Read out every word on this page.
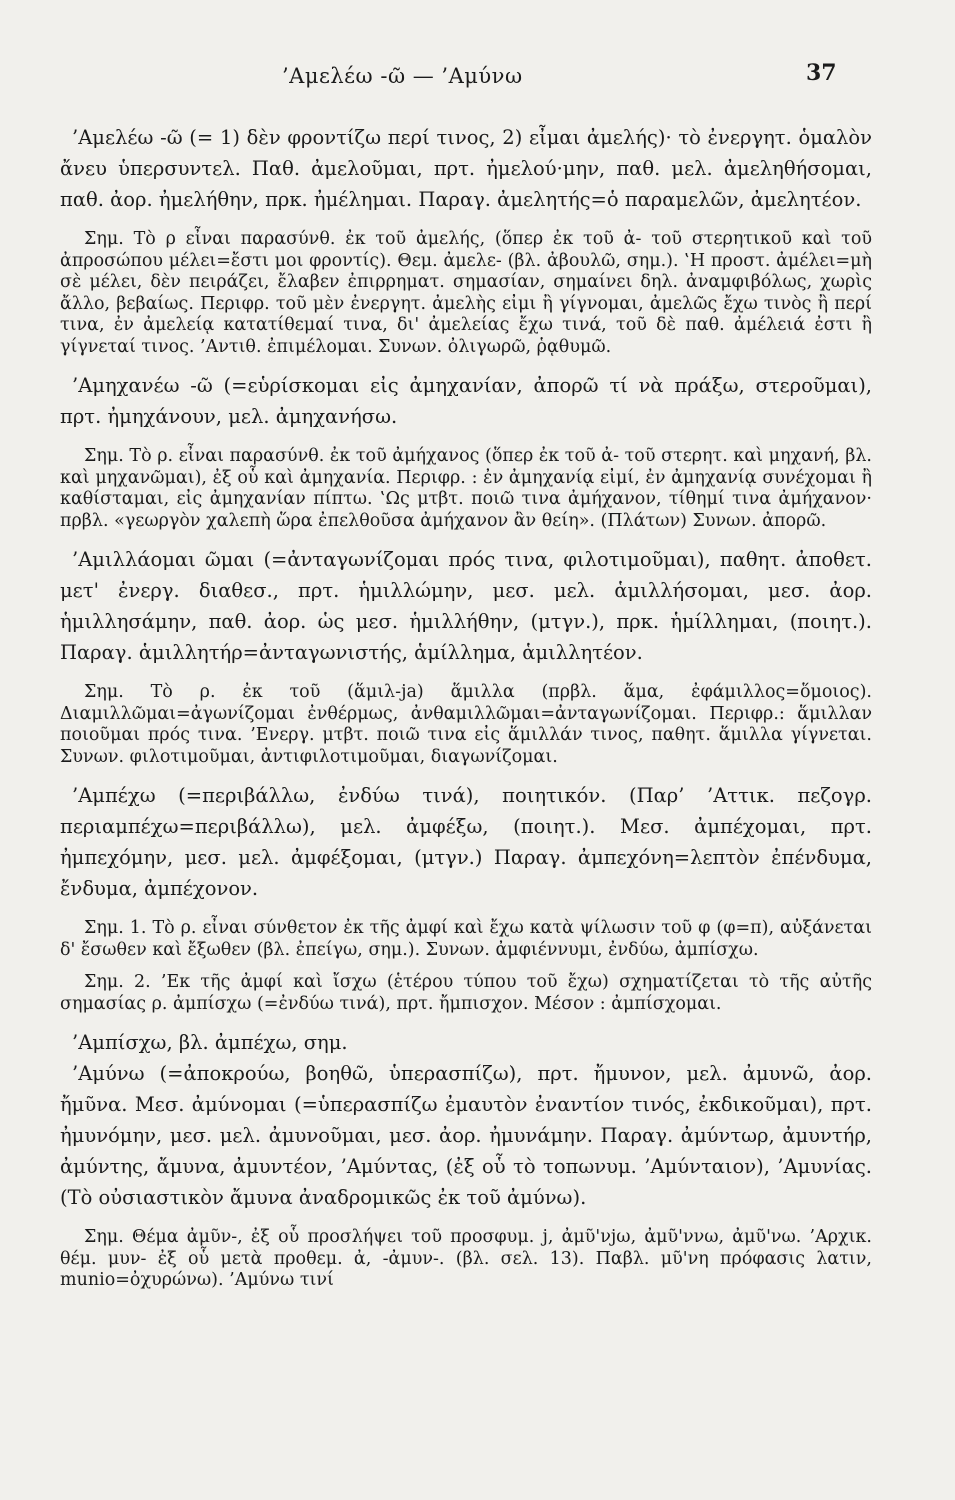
’Αμελέω -ῶ — ’Αμύνω	37

’Αμελέω -ῶ (= 1) δὲν φροντίζω περί τινος, 2) εἶμαι ἀμελής)· τὸ ἐνεργητ. ὁμαλὸν ἄνευ ὑπερσυντελ. Παθ. ἀμελοῦμαι, πρτ. ἠμελού·μην, παθ. μελ. ἀμεληθήσομαι, παθ. ἀορ. ἠμελήθην, πρκ. ἠμέλημαι. Παραγ. ἀμελητής=ὁ παραμελῶν, ἀμελητέον.

Σημ. Τὸ ρ εἶναι παρασύνθ. ἐκ τοῦ ἀμελής, (ὅπερ ἐκ τοῦ ἀ- τοῦ στερητικοῦ καὶ τοῦ ἀπροσώπου μέλει=ἔστι μοι φροντίς). Θεμ. ἀμελε- (βλ. ἀβουλῶ, σημ.). ‛Η προστ. ἀμέλει=μὴ σὲ μέλει, δὲν πειράζει, ἔλαβεν ἐπιρρηματ. σημασίαν, σημαίνει δηλ. ἀναμφιβόλως, χωρὶς ἄλλο, βεβαίως. Περιφρ. τοῦ μὲν ἐνεργητ. ἀμελὴς εἰμι ἢ γίγνομαι, ἀμελῶς ἔχω τινὸς ἢ περί τινα, ἐν ἀμελείᾳ κατατίθεμαί τινα, δι' ἀμελείας ἔχω τινά, τοῦ δὲ παθ. ἀμέλειά ἐστι ἢ γίγνεταί τινος. ’Αντιθ. ἐπιμέλομαι. Συνων. ὀλιγωρῶ, ῥᾳθυμῶ.

’Αμηχανέω -ῶ (=εὑρίσκομαι εἰς ἀμηχανίαν, ἀπορῶ τί νὰ πράξω, στεροῦμαι), πρτ. ἠμηχάνουν, μελ. ἀμηχανήσω.

Σημ. Τὸ ρ. εἶναι παρασύνθ. ἐκ τοῦ ἀμήχανος (ὅπερ ἐκ τοῦ ἀ- τοῦ στερητ. καὶ μηχανή, βλ. καὶ μηχανῶμαι), ἐξ οὗ καὶ ἀμηχανία. Περιφρ. : ἐν ἀμηχανίᾳ εἰμί, ἐν ἀμηχανίᾳ συνέχομαι ἢ καθίσταμαι, εἰς ἀμηχανίαν πίπτω. ‛Ως μτβτ. ποιῶ τινα ἀμήχανον, τίθημί τινα ἀμήχανον· πρβλ. «γεωργὸν χαλεπὴ ὥρα ἐπελθοῦσα ἀμήχανον ἂν θείη». (Πλάτων) Συνων. ἀπορῶ.

’Αμιλλάομαι ῶμαι (=ἀνταγωνίζομαι πρός τινα, φιλοτιμοῦμαι), παθητ. ἀποθετ. μετ' ἐνεργ. διαθεσ., πρτ. ἡμιλλώμην, μεσ. μελ. ἁμιλλήσομαι, μεσ. ἀορ. ἡμιλλησάμην, παθ. ἀορ. ὡς μεσ. ἡμιλλήθην, (μτγν.), πρκ. ἡμίλλημαι, (ποιητ.). Παραγ. ἁμιλλητήρ=ἀνταγωνιστής, ἁμίλλημα, ἁμιλλητέον.

Σημ. Τὸ ρ. ἐκ τοῦ (ἅμιλ-ja) ἅμιλλα (πρβλ. ἅμα, ἐφάμιλλος=ὅμοιος). Διαμιλλῶμαι=ἀγωνίζομαι ἐνθέρμως, ἀνθαμιλλῶμαι=ἀνταγωνίζομαι. Περιφρ.: ἅμιλλαν ποιοῦμαι πρός τινα. ’Ενεργ. μτβτ. ποιῶ τινα εἰς ἅμιλλάν τινος, παθητ. ἅμιλλα γίγνεται. Συνων. φιλοτιμοῦμαι, ἀντιφιλοτιμοῦμαι, διαγωνίζομαι.

’Αμπέχω (=περιβάλλω, ἐνδύω τινά), ποιητικόν. (Παρ’ ’Αττικ. πεζογρ. περιαμπέχω=περιβάλλω), μελ. ἀμφέξω, (ποιητ.). Μεσ. ἀμπέχομαι, πρτ. ἠμπεχόμην, μεσ. μελ. ἀμφέξομαι, (μτγν.) Παραγ. ἀμπεχόνη=λεπτὸν ἐπένδυμα, ἔνδυμα, ἀμπέχονον.

Σημ. 1. Τὸ ρ. εἶναι σύνθετον ἐκ τῆς ἀμφί καὶ ἔχω κατὰ ψίλωσιν τοῦ φ (φ=π), αὐξάνεται δ' ἔσωθεν καὶ ἔξωθεν (βλ. ἐπείγω, σημ.). Συνων. ἀμφιέννυμι, ἐνδύω, ἀμπίσχω.

Σημ. 2. ’Εκ τῆς ἀμφί καὶ ἴσχω (ἑτέρου τύπου τοῦ ἔχω) σχηματίζεται τὸ τῆς αὐτῆς σημασίας ρ. ἀμπίσχω (=ἐνδύω τινά), πρτ. ἤμπισχον. Μέσον : ἀμπίσχομαι.

’Αμπίσχω, βλ. ἀμπέχω, σημ.

’Αμύνω (=ἀποκρούω, βοηθῶ, ὑπερασπίζω), πρτ. ἤμυνον, μελ. ἀμυνῶ, ἀορ. ἤμῦνα. Μεσ. ἀμύνομαι (=ὑπερασπίζω ἐμαυτὸν ἐναντίον τινός, ἐκδικοῦμαι), πρτ. ἠμυνόμην, μεσ. μελ. ἀμυνοῦμαι, μεσ. ἀορ. ἠμυνάμην. Παραγ. ἀμύντωρ, ἀμυντήρ, ἀμύντης, ἄμυνα, ἀμυντέον, ’Αμύντας, (ἐξ οὗ τὸ τοπωνυμ. ’Αμύνταιον), ’Αμυνίας. (Τὸ οὐσιαστικὸν ἄμυνα ἀναδρομικῶς ἐκ τοῦ ἀμύνω).

Σημ. Θέμα ἀμῦν-, ἐξ οὗ προσλήψει τοῦ προσφυμ. j, ἀμῦ'νjω, ἀμῦ'ννω, ἀμῦ'νω. ’Αρχικ. θέμ. μυν- ἐξ οὗ μετὰ προθεμ. ἀ, -ἀμυν-. (βλ. σελ. 13). Παβλ. μῦ'νη πρόφασις λατιν, munio=ὀχυρώνω). ’Αμύνω τινί
